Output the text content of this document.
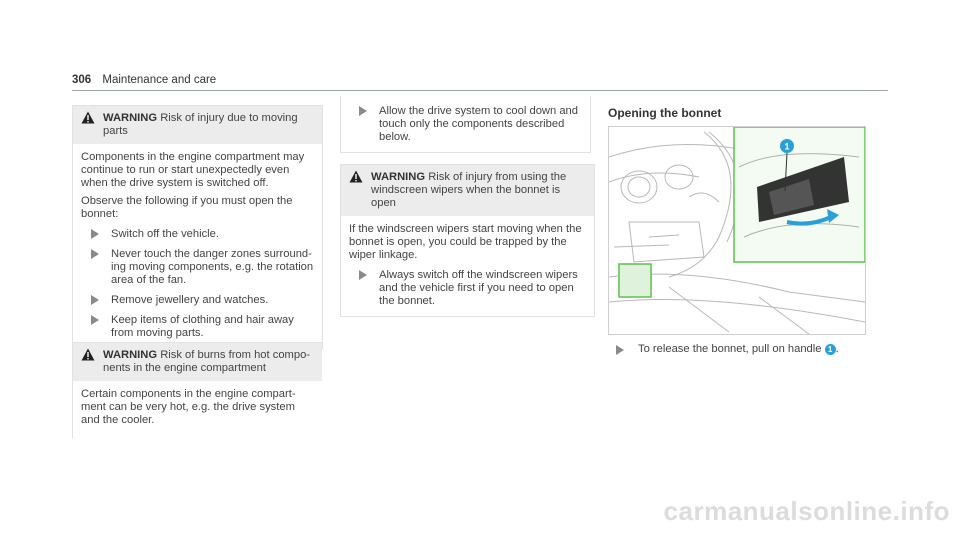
306 Maintenance and care
WARNING Risk of injury due to moving parts

Components in the engine compartment may continue to run or start unexpectedly even when the drive system is switched off.

Observe the following if you must open the bonnet:

Switch off the vehicle.
Never touch the danger zones surround-ing moving components, e.g. the rotation area of the fan.
Remove jewellery and watches.
Keep items of clothing and hair away from moving parts.
WARNING Risk of burns from hot compo-nents in the engine compartment

Certain components in the engine compart-ment can be very hot, e.g. the drive system and the cooler.

Allow the drive system to cool down and touch only the components described below.
WARNING Risk of injury from using the windscreen wipers when the bonnet is open

If the windscreen wipers start moving when the bonnet is open, you could be trapped by the wiper linkage.

Always switch off the windscreen wipers and the vehicle first if you need to open the bonnet.
Opening the bonnet
1
To release the bonnet, pull on handle 1 .
carmanualsonline.info
